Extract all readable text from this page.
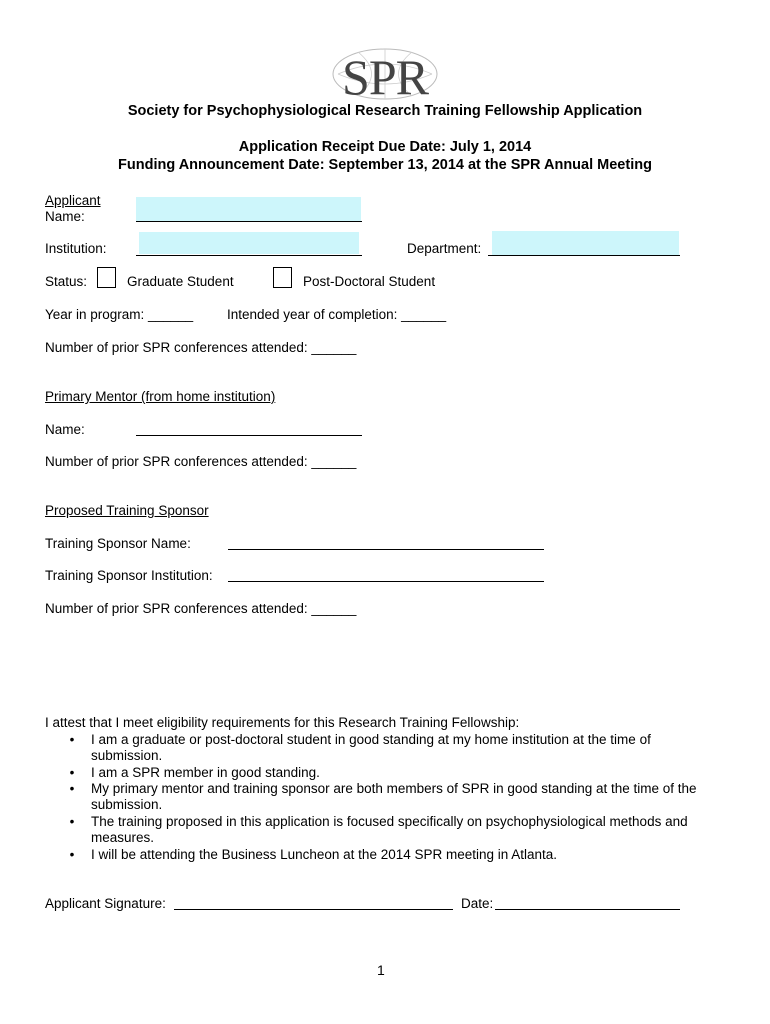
SPR
Society for Psychophysiological Research Training Fellowship Application
Application Receipt Due Date: July 1, 2014
Funding Announcement Date: September 13, 2014 at the SPR Annual Meeting
Applicant
Name:
Institution:	Department:
Status:	Graduate Student	Post-Doctoral Student
Year in program: ______	Intended year of completion: ______
Number of prior SPR conferences attended: ______
Primary Mentor (from home institution)
Name:
Number of prior SPR conferences attended: ______
Proposed Training Sponsor
Training Sponsor Name:
Training Sponsor Institution:
Number of prior SPR conferences attended: ______
I attest that I meet eligibility requirements for this Research Training Fellowship:
•	I am a graduate or post-doctoral student in good standing at my home institution at the time of
submission.
•	I am a SPR member in good standing.
•	My primary mentor and training sponsor are both members of SPR in good standing at the time of the
submission.
•	The training proposed in this application is focused specifically on psychophysiological methods and
measures.
•	I will be attending the Business Luncheon at the 2014 SPR meeting in Atlanta.
Applicant Signature:	Date:
1
